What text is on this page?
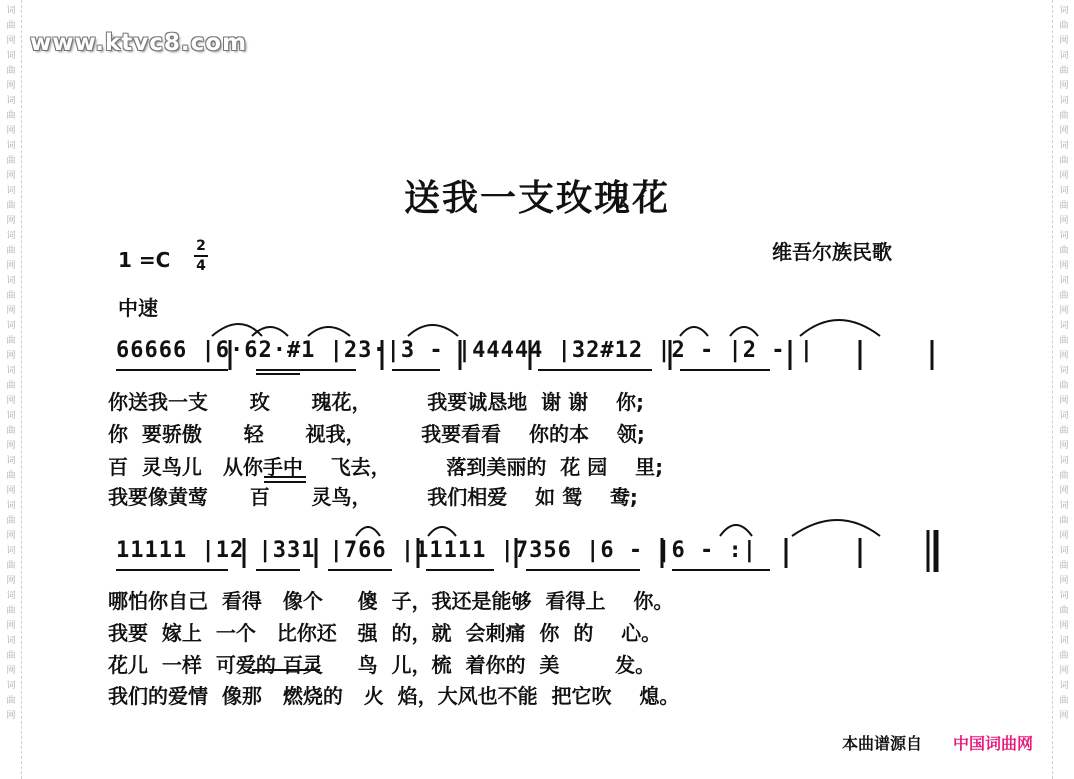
词曲网词曲网词曲网词曲网词曲网词曲网词曲网词曲网词曲网词曲网词曲网词曲网词曲网词曲网词曲网词曲网
词曲网词曲网词曲网词曲网词曲网词曲网词曲网词曲网词曲网词曲网词曲网词曲网词曲网词曲网词曲网词曲网
www.ktvc8.com
送我一支玫瑰花
1 =C
2
4
维吾尔族民歌
中速
66666 |6·62·#1 |23·|3 - |44444 |32#12 |2 - |2 - |
11111 |12 |331 |766 |11111 |7356 |6 - |6 - :|
你送我一支      玫      瑰花，        我要诚恳地  谢 谢    你;
你  要骄傲      轻      视我，        我要看看    你的本    领;
百  灵鸟儿   从你手中    飞去，        落到美丽的  花 园    里;
我要像黄莺      百      灵鸟，        我们相爱    如 鸳    鸯;
哪怕你自己  看得   像个     傻  子，我还是能够  看得上    你。
我要  嫁上  一个   比你还   强  的，就  会刺痛  你  的    心。
花儿  一样  可爱的 百灵     鸟  儿，梳  着你的  美        发。
我们的爱情  像那   燃烧的   火  焰，大风也不能  把它吹    熄。
本曲谱源自 中国词曲网
